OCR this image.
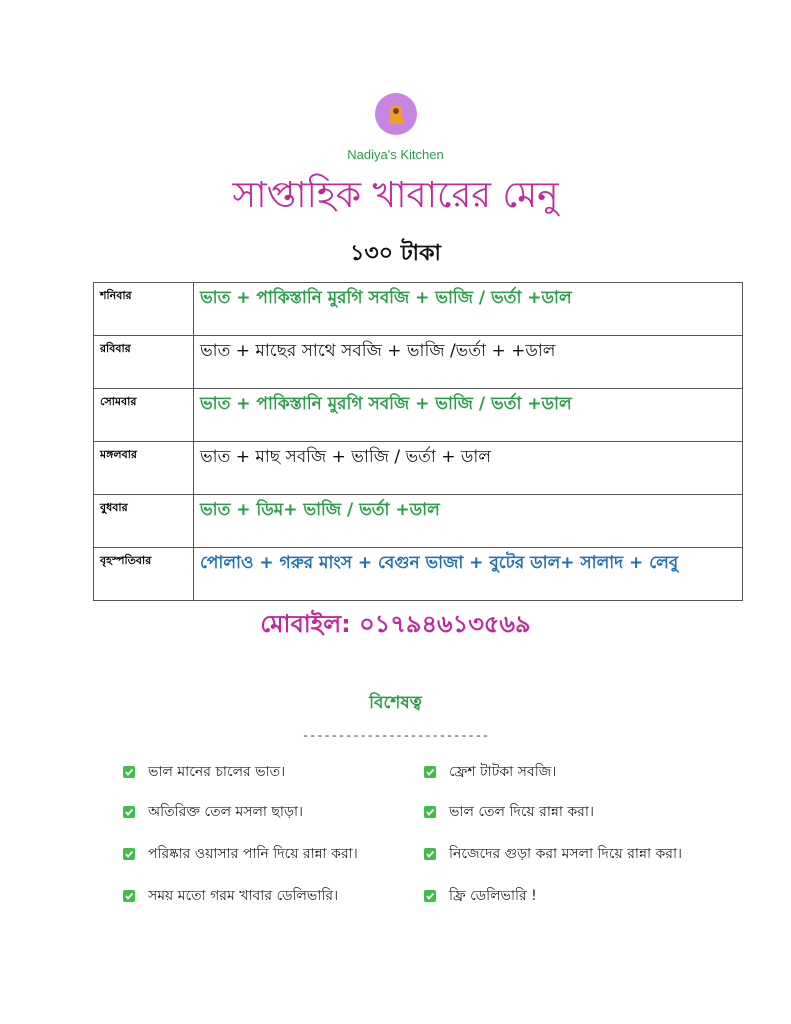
Nadiya's Kitchen
সাপ্তাহিক খাবারের মেনু
১৩০ টাকা
শনিবার	ভাত + পাকিস্তানি মুরগি সবজি + ভাজি / ভর্তা +ডাল
রবিবার	ভাত + মাছের সাথে সবজি + ভাজি /ভর্তা + +ডাল
সোমবার	ভাত + পাকিস্তানি মুরগি সবজি + ভাজি / ভর্তা +ডাল
মঙ্গলবার	ভাত + মাছ সবজি + ভাজি / ভর্তা + ডাল
বুধবার	ভাত + ডিম+ ভাজি / ভর্তা +ডাল
বৃহস্পতিবার	পোলাও + গরুর মাংস + বেগুন ভাজা + বুটের ডাল+ সালাদ + লেবু
মোবাইল: ০১৭৯৪৬১৩৫৬৯
বিশেষত্ব
--------------------------
ভাল মানের চালের ভাত।
অতিরিক্ত তেল মসলা ছাড়া।
পরিষ্কার ওয়াসার পানি দিয়ে রান্না করা।
সময় মতো গরম খাবার ডেলিভারি।
ফ্রেশ টাটকা সবজি।
ভাল তেল দিয়ে রান্না করা।
নিজেদের গুড়া করা মসলা দিয়ে রান্না করা।
ফ্রি ডেলিভারি !
